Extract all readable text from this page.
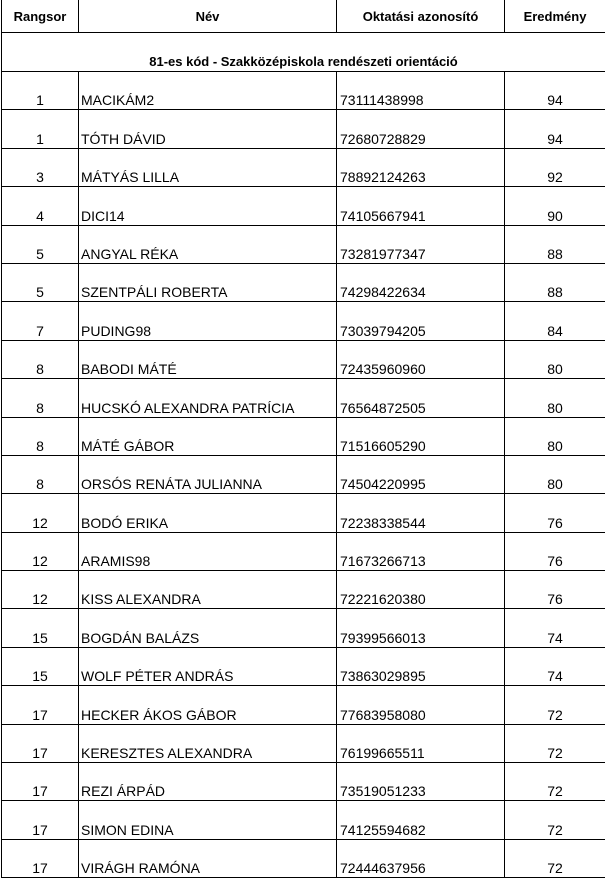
Rangsor	Név	Oktatási azonosító	Eredmény
81-es kód - Szakközépiskola rendészeti orientáció			
1	MACIKÁM2	73111438998	94
1	TÓTH DÁVID	72680728829	94
3	MÁTYÁS LILLA	78892124263	92
4	DICI14	74105667941	90
5	ANGYAL RÉKA	73281977347	88
5	SZENTPÁLI ROBERTA	74298422634	88
7	PUDING98	73039794205	84
8	BABODI MÁTÉ	72435960960	80
8	HUCSKÓ ALEXANDRA PATRÍCIA	76564872505	80
8	MÁTÉ GÁBOR	71516605290	80
8	ORSÓS RENÁTA JULIANNA	74504220995	80
12	BODÓ ERIKA	72238338544	76
12	ARAMIS98	71673266713	76
12	KISS ALEXANDRA	72221620380	76
15	BOGDÁN BALÁZS	79399566013	74
15	WOLF PÉTER ANDRÁS	73863029895	74
17	HECKER ÁKOS GÁBOR	77683958080	72
17	KERESZTES ALEXANDRA	76199665511	72
17	REZI ÁRPÁD	73519051233	72
17	SIMON EDINA	74125594682	72
17	VIRÁGH RAMÓNA	72444637956	72
